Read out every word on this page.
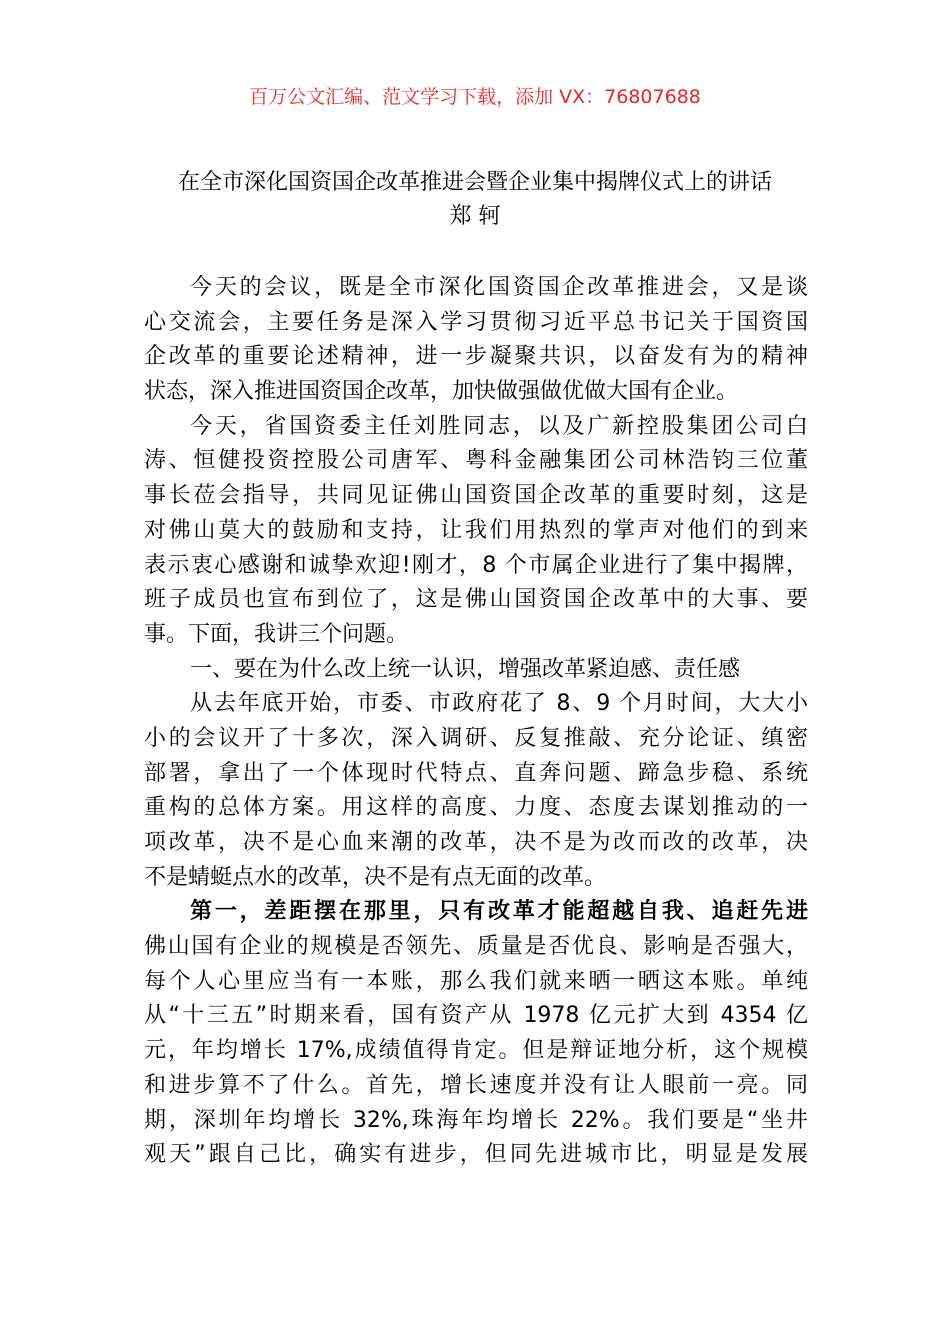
百万公文汇编、范文学习下载，添加 VX：76807688
在全市深化国资国企改革推进会暨企业集中揭牌仪式上的讲话
郑 轲
今天的会议，既是全市深化国资国企改革推进会，又是谈
心交流会，主要任务是深入学习贯彻习近平总书记关于国资国
企改革的重要论述精神，进一步凝聚共识，以奋发有为的精神
状态，深入推进国资国企改革，加快做强做优做大国有企业。
今天，省国资委主任刘胜同志，以及广新控股集团公司白
涛、恒健投资控股公司唐军、粤科金融集团公司林浩钧三位董
事长莅会指导，共同见证佛山国资国企改革的重要时刻，这是
对佛山莫大的鼓励和支持，让我们用热烈的掌声对他们的到来
表示衷心感谢和诚挚欢迎!刚才，8 个市属企业进行了集中揭牌，
班子成员也宣布到位了，这是佛山国资国企改革中的大事、要
事。下面，我讲三个问题。
一、要在为什么改上统一认识，增强改革紧迫感、责任感
从去年底开始，市委、市政府花了 8、9 个月时间，大大小
小的会议开了十多次，深入调研、反复推敲、充分论证、缜密
部署，拿出了一个体现时代特点、直奔问题、蹄急步稳、系统
重构的总体方案。用这样的高度、力度、态度去谋划推动的一
项改革，决不是心血来潮的改革，决不是为改而改的改革，决
不是蜻蜓点水的改革，决不是有点无面的改革。
第一，差距摆在那里，只有改革才能超越自我、追赶先进
佛山国有企业的规模是否领先、质量是否优良、影响是否强大，
每个人心里应当有一本账，那么我们就来晒一晒这本账。单纯
从“十三五”时期来看，国有资产从 1978 亿元扩大到 4354 亿
元，年均增长 17%,成绩值得肯定。但是辩证地分析，这个规模
和进步算不了什么。首先，增长速度并没有让人眼前一亮。同
期，深圳年均增长 32%,珠海年均增长 22%。我们要是“坐井
观天”跟自己比，确实有进步，但同先进城市比，明显是发展
